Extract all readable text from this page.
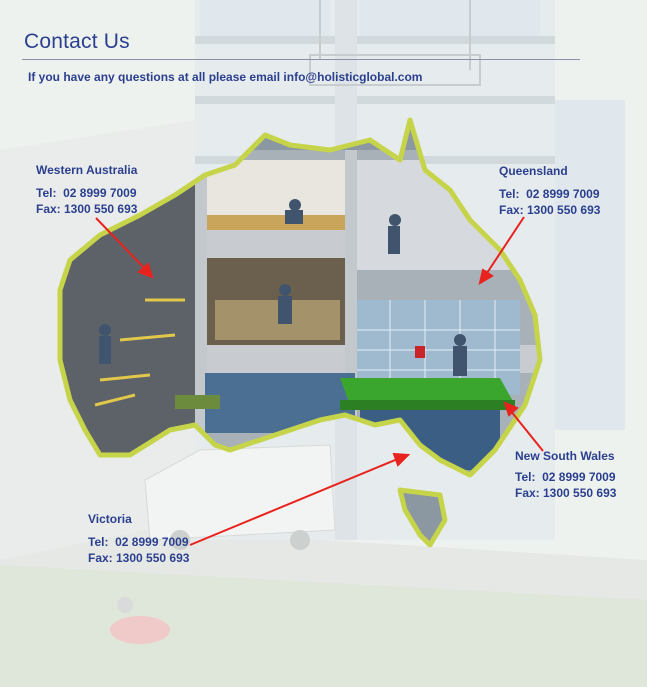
Contact Us
If you have any questions at all please email info@holisticglobal.com
Western Australia
Tel:  02 8999 7009
Fax: 1300 550 693
Queensland
Tel:  02 8999 7009
Fax: 1300 550 693
New South Wales
Tel:  02 8999 7009
Fax: 1300 550 693
Victoria
Tel:  02 8999 7009
Fax: 1300 550 693
